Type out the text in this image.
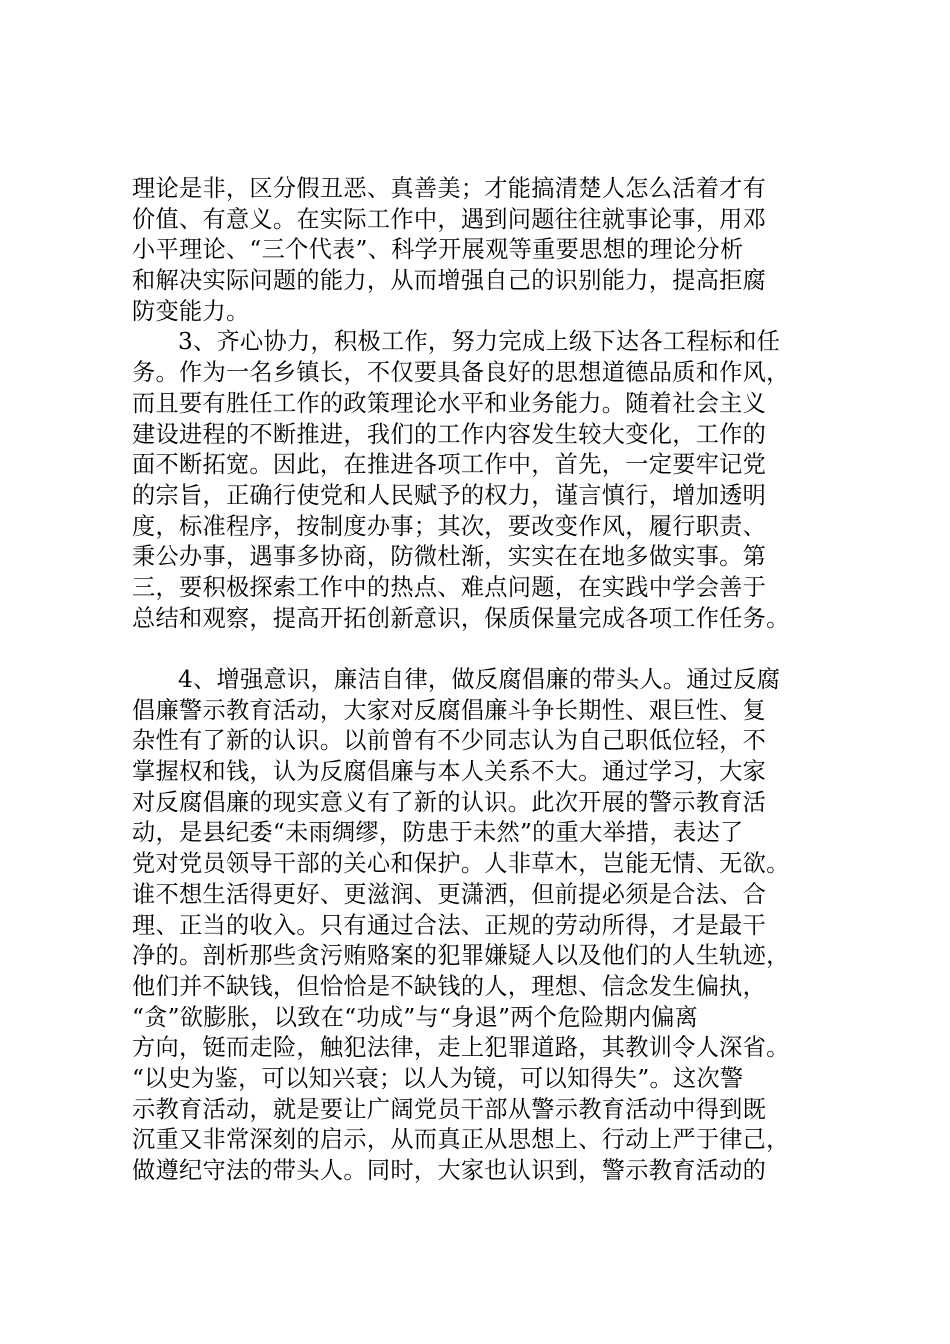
理论是非，区分假丑恶、真善美；才能搞清楚人怎么活着才有
价值、有意义。在实际工作中，遇到问题往往就事论事，用邓
小平理论、“三个代表”、科学开展观等重要思想的理论分析
和解决实际问题的能力，从而增强自己的识别能力，提高拒腐
防变能力。
3、齐心协力，积极工作，努力完成上级下达各工程标和任
务。作为一名乡镇长，不仅要具备良好的思想道德品质和作风，
而且要有胜任工作的政策理论水平和业务能力。随着社会主义
建设进程的不断推进，我们的工作内容发生较大变化，工作的
面不断拓宽。因此，在推进各项工作中，首先，一定要牢记党
的宗旨，正确行使党和人民赋予的权力，谨言慎行，增加透明
度，标准程序，按制度办事；其次，要改变作风，履行职责、
秉公办事，遇事多协商，防微杜渐，实实在在地多做实事。第
三，要积极探索工作中的热点、难点问题，在实践中学会善于
总结和观察，提高开拓创新意识，保质保量完成各项工作任务。
4、增强意识，廉洁自律，做反腐倡廉的带头人。通过反腐
倡廉警示教育活动，大家对反腐倡廉斗争长期性、艰巨性、复
杂性有了新的认识。以前曾有不少同志认为自己职低位轻，不
掌握权和钱，认为反腐倡廉与本人关系不大。通过学习，大家
对反腐倡廉的现实意义有了新的认识。此次开展的警示教育活
动，是县纪委“未雨绸缪，防患于未然”的重大举措，表达了
党对党员领导干部的关心和保护。人非草木，岂能无情、无欲。
谁不想生活得更好、更滋润、更潇洒，但前提必须是合法、合
理、正当的收入。只有通过合法、正规的劳动所得，才是最干
净的。剖析那些贪污贿赂案的犯罪嫌疑人以及他们的人生轨迹，
他们并不缺钱，但恰恰是不缺钱的人，理想、信念发生偏执，
“贪”欲膨胀，以致在“功成”与“身退”两个危险期内偏离
方向，铤而走险，触犯法律，走上犯罪道路，其教训令人深省。
“以史为鉴，可以知兴衰；以人为镜，可以知得失”。这次警
示教育活动，就是要让广阔党员干部从警示教育活动中得到既
沉重又非常深刻的启示，从而真正从思想上、行动上严于律己，
做遵纪守法的带头人。同时，大家也认识到，警示教育活动的
